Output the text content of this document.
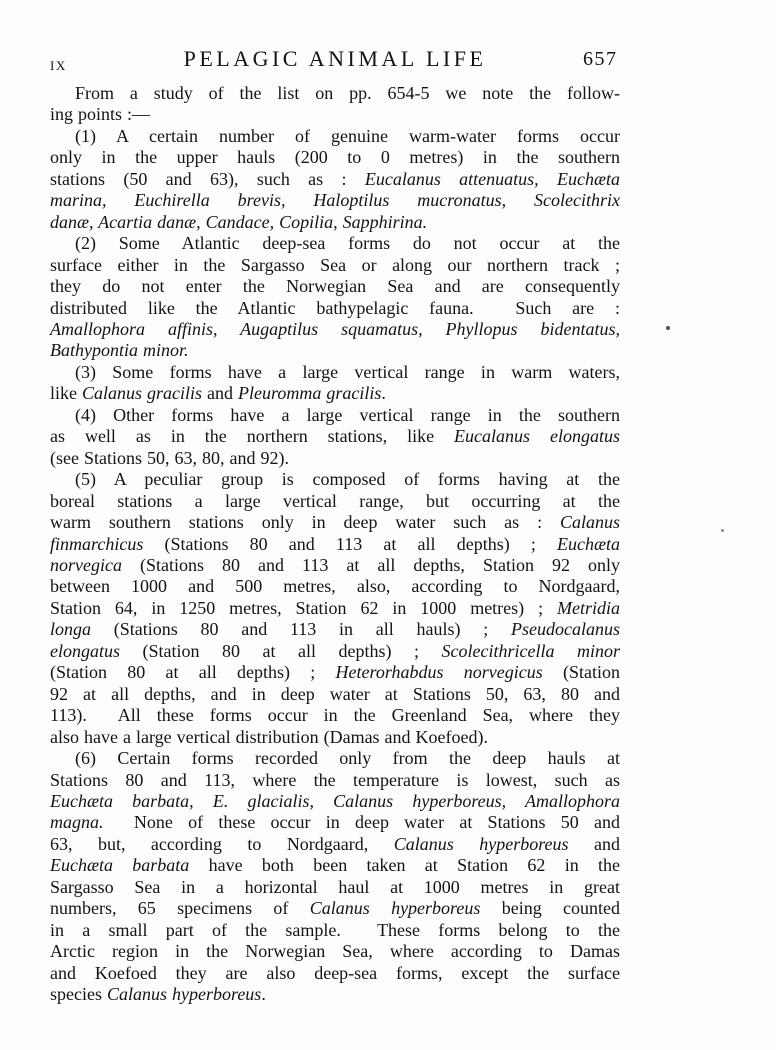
IX	PELAGIC ANIMAL LIFE	657
From a study of the list on pp. 654-5 we note the follow-
ing points :—
(1) A certain number of genuine warm-water forms occur
only in the upper hauls (200 to 0 metres) in the southern
stations (50 and 63), such as : Eucalanus attenuatus, Euchæta
marina, Euchirella brevis, Haloptilus mucronatus, Scolecithrix
danæ, Acartia danæ, Candace, Copilia, Sapphirina.
(2) Some Atlantic deep-sea forms do not occur at the
surface either in the Sargasso Sea or along our northern track ;
they do not enter the Norwegian Sea and are consequently
distributed like the Atlantic bathypelagic fauna.  Such are :
Amallophora affinis, Augaptilus squamatus, Phyllopus bidentatus,
Bathypontia minor.
(3) Some forms have a large vertical range in warm waters,
like Calanus gracilis and Pleuromma gracilis.
(4) Other forms have a large vertical range in the southern
as well as in the northern stations, like Eucalanus elongatus
(see Stations 50, 63, 80, and 92).
(5) A peculiar group is composed of forms having at the
boreal stations a large vertical range, but occurring at the
warm southern stations only in deep water such as : Calanus
finmarchicus (Stations 80 and 113 at all depths) ; Euchæta
norvegica (Stations 80 and 113 at all depths, Station 92 only
between 1000 and 500 metres, also, according to Nordgaard,
Station 64, in 1250 metres, Station 62 in 1000 metres) ; Metridia
longa (Stations 80 and 113 in all hauls) ; Pseudocalanus
elongatus (Station 80 at all depths) ; Scolecithricella minor
(Station 80 at all depths) ; Heterorhabdus norvegicus (Station
92 at all depths, and in deep water at Stations 50, 63, 80 and
113).  All these forms occur in the Greenland Sea, where they
also have a large vertical distribution (Damas and Koefoed).
(6) Certain forms recorded only from the deep hauls at
Stations 80 and 113, where the temperature is lowest, such as
Euchæta barbata, E. glacialis, Calanus hyperboreus, Amallophora
magna.  None of these occur in deep water at Stations 50 and
63, but, according to Nordgaard, Calanus hyperboreus and
Euchæta barbata have both been taken at Station 62 in the
Sargasso Sea in a horizontal haul at 1000 metres in great
numbers, 65 specimens of Calanus hyperboreus being counted
in a small part of the sample.  These forms belong to the
Arctic region in the Norwegian Sea, where according to Damas
and Koefoed they are also deep-sea forms, except the surface
species Calanus hyperboreus.
